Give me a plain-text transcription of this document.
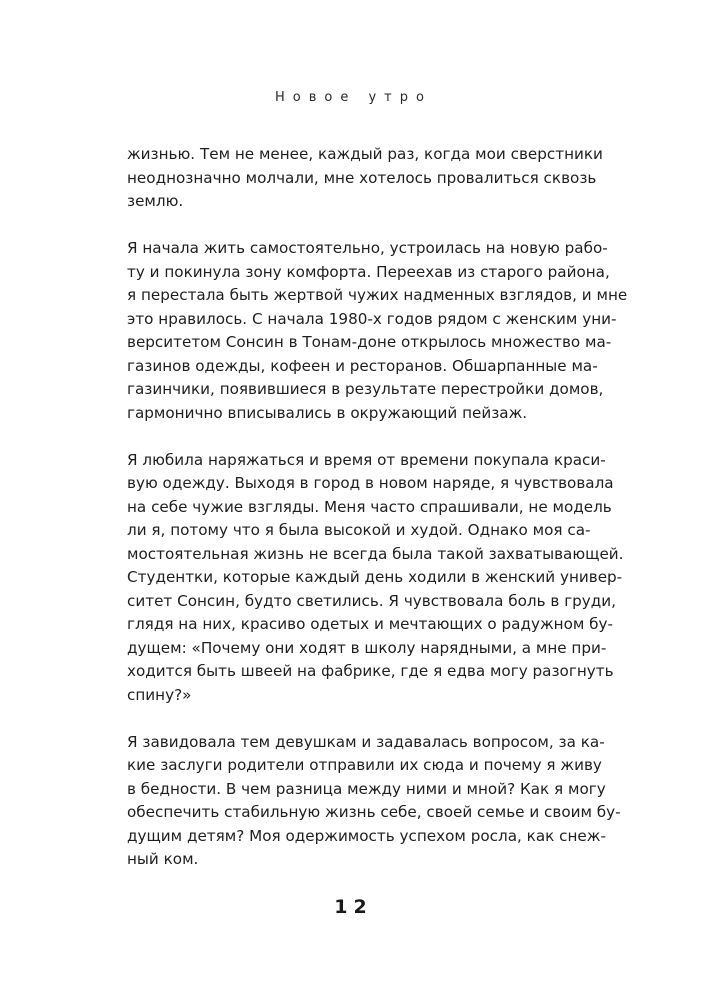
Новое утро
жизнью. Тем не менее, каждый раз, когда мои сверстники
неоднозначно молчали, мне хотелось провалиться сквозь
землю.
Я начала жить самостоятельно, устроилась на новую рабо-
ту и покинула зону комфорта. Переехав из старого района,
я перестала быть жертвой чужих надменных взглядов, и мне
это нравилось. С начала 1980-х годов рядом с женским уни-
верситетом Сонсин в Тонам-доне открылось множество ма-
газинов одежды, кофеен и ресторанов. Обшарпанные ма-
газинчики, появившиеся в результате перестройки домов,
гармонично вписывались в окружающий пейзаж.
Я любила наряжаться и время от времени покупала краси-
вую одежду. Выходя в город в новом наряде, я чувствовала
на себе чужие взгляды. Меня часто спрашивали, не модель
ли я, потому что я была высокой и худой. Однако моя са-
мостоятельная жизнь не всегда была такой захватывающей.
Студентки, которые каждый день ходили в женский универ-
ситет Сонсин, будто светились. Я чувствовала боль в груди,
глядя на них, красиво одетых и мечтающих о радужном бу-
дущем: «Почему они ходят в школу нарядными, а мне при-
ходится быть швеей на фабрике, где я едва могу разогнуть
спину?»
Я завидовала тем девушкам и задавалась вопросом, за ка-
кие заслуги родители отправили их сюда и почему я живу
в бедности. В чем разница между ними и мной? Как я могу
обеспечить стабильную жизнь себе, своей семье и своим бу-
дущим детям? Моя одержимость успехом росла, как снеж-
ный ком.
12
